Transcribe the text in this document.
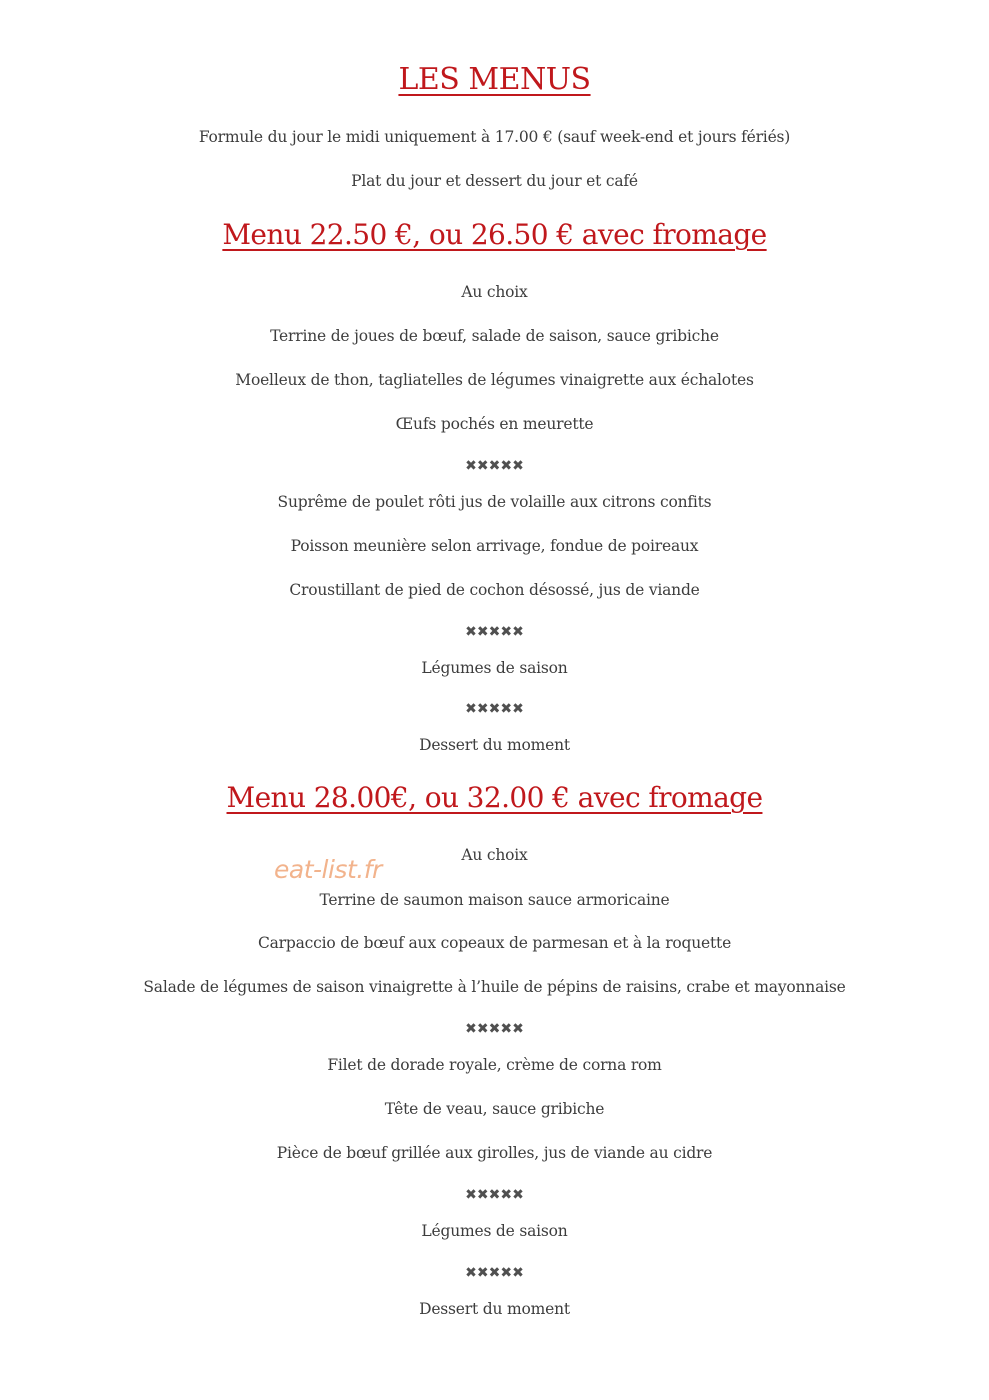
LES MENUS
Formule du jour le midi uniquement à 17.00 € (sauf week-end et jours fériés)
Plat du jour et dessert du jour et café
Menu 22.50 €, ou 26.50 € avec fromage
Au choix
Terrine de joues de bœuf, salade de saison, sauce gribiche
Moelleux de thon, tagliatelles de légumes vinaigrette aux échalotes
Œufs pochés en meurette
✖✖✖✖✖
Suprême de poulet rôti jus de volaille aux citrons confits
Poisson meunière selon arrivage, fondue de poireaux
Croustillant de pied de cochon désossé, jus de viande
✖✖✖✖✖
Légumes de saison
✖✖✖✖✖
Dessert du moment
Menu 28.00€, ou 32.00 € avec fromage
Au choix
Terrine de saumon maison sauce armoricaine
Carpaccio de bœuf aux copeaux de parmesan et à la roquette
Salade de légumes de saison vinaigrette à l’huile de pépins de raisins, crabe et mayonnaise
✖✖✖✖✖
Filet de dorade royale, crème de corna rom
Tête de veau, sauce gribiche
Pièce de bœuf grillée aux girolles, jus de viande au cidre
✖✖✖✖✖
Légumes de saison
✖✖✖✖✖
Dessert du moment
eat-list.fr
